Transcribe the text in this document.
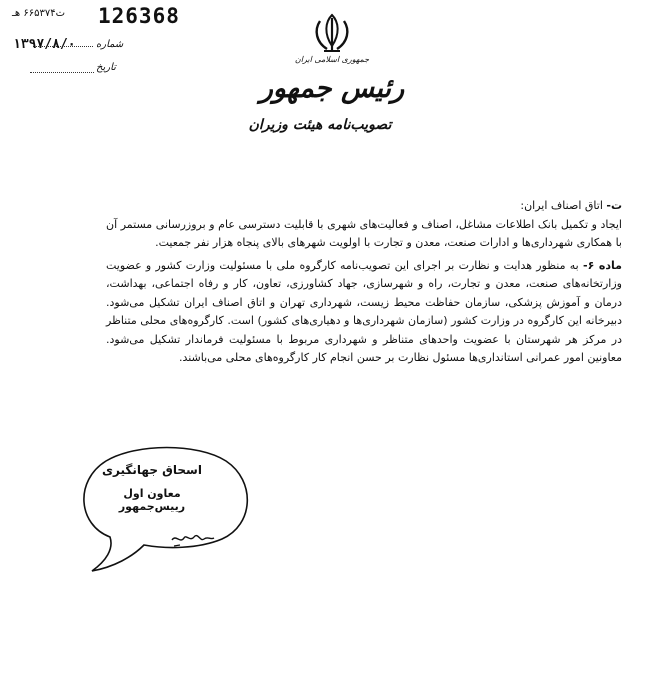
126368
ت۶۶۵۳۷۴ هـ
شماره
۱۳۹۷/۸/۰
تاریخ
جمهوری اسلامی ایران
رئیس جمهور
تصویب‌نامه هیئت وزیران

ت- اتاق اصناف ایران:

ایجاد و تکمیل بانک اطلاعات مشاغل، اصناف و فعالیت‌های شهری با قابلیت دسترسی عام و بروزرسانی مستمر آن با همکاری شهرداری‌ها و ادارات صنعت، معدن و تجارت با اولویت شهرهای بالای پنجاه هزار نفر جمعیت.

ماده ۶- به منظور هدایت و نظارت بر اجرای این تصویب‌نامه کارگروه ملی با مسئولیت وزارت کشور و عضویت وزارتخانه‌های صنعت، معدن و تجارت، راه و شهرسازی، جهاد کشاورزی، تعاون، کار و رفاه اجتماعی، بهداشت، درمان و آموزش پزشکی، سازمان حفاظت محیط زیست، شهرداری تهران و اتاق اصناف ایران تشکیل می‌شود. دبیرخانه این کارگروه در وزارت کشور (سازمان شهرداری‌ها و دهیاری‌های کشور) است. کارگروه‌های محلی متناظر در مرکز هر شهرستان با عضویت واحدهای متناظر و شهرداری مربوط با مسئولیت فرماندار تشکیل می‌شود. معاونین امور عمرانی استانداری‌ها مسئول نظارت بر حسن انجام کار کارگروه‌های محلی می‌باشند.

اسحاق جهانگیری
معاون اول رییس‌جمهور
